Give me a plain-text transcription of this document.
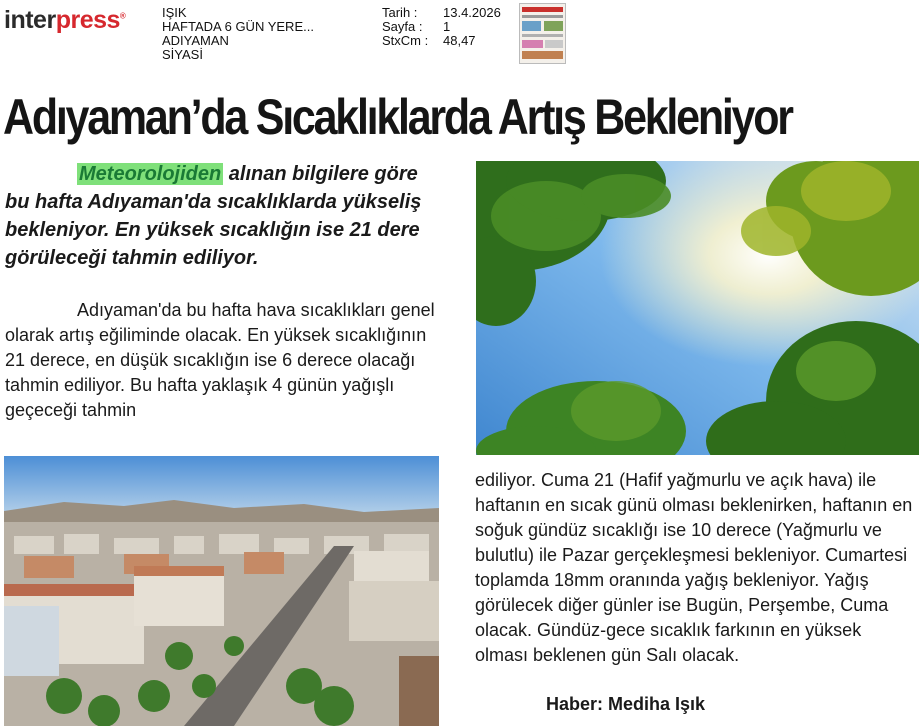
interpress®	IŞIK
HAFTADA 6 GÜN YERE...
ADIYAMAN
SİYASİ
Tarih :
Sayfa :
StxCm :
13.4.2026
1
48,47
Adıyaman’da Sıcaklıklarda Artış Bekleniyor
Meteorolojiden alınan bilgilere göre bu hafta Adıyaman'da sıcaklıklarda yükseliş bekleniyor. En yüksek sıcaklığın ise 21 dere görüleceği tahmin ediliyor.
Adıyaman'da bu hafta hava sıcaklıkları genel olarak artış eğiliminde olacak. En yüksek sıcaklığının 21 derece, en düşük sıcaklığın ise 6 derece olacağı tahmin ediliyor. Bu hafta yaklaşık 4 günün yağışlı geçeceği tahmin
ediliyor. Cuma 21 (Hafif yağmurlu ve açık hava) ile haftanın en sıcak günü olması beklenirken, haftanın en soğuk gündüz sıcaklığı ise 10 derece (Yağmurlu ve bulutlu) ile Pazar gerçekleşmesi bekleniyor. Cumartesi toplamda 18mm oranında yağış bekleniyor. Yağış görülecek diğer günler ise Bugün, Perşembe, Cuma olacak. Gündüz-gece sıcaklık farkının en yüksek olması beklenen gün Salı olacak.
Haber: Mediha Işık
